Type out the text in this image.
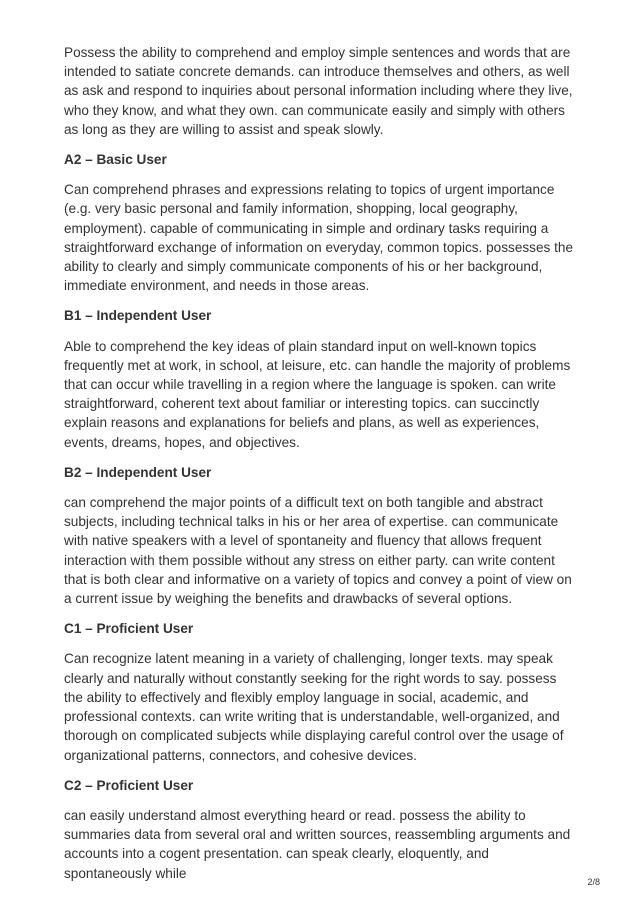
Possess the ability to comprehend and employ simple sentences and words that are intended to satiate concrete demands. can introduce themselves and others, as well as ask and respond to inquiries about personal information including where they live, who they know, and what they own. can communicate easily and simply with others as long as they are willing to assist and speak slowly.

A2 – Basic User

Can comprehend phrases and expressions relating to topics of urgent importance (e.g. very basic personal and family information, shopping, local geography, employment). capable of communicating in simple and ordinary tasks requiring a straightforward exchange of information on everyday, common topics. possesses the ability to clearly and simply communicate components of his or her background, immediate environment, and needs in those areas.

B1 – Independent User

Able to comprehend the key ideas of plain standard input on well-known topics frequently met at work, in school, at leisure, etc. can handle the majority of problems that can occur while travelling in a region where the language is spoken. can write straightforward, coherent text about familiar or interesting topics. can succinctly explain reasons and explanations for beliefs and plans, as well as experiences, events, dreams, hopes, and objectives.

B2 – Independent User

can comprehend the major points of a difficult text on both tangible and abstract subjects, including technical talks in his or her area of expertise. can communicate with native speakers with a level of spontaneity and fluency that allows frequent interaction with them possible without any stress on either party. can write content that is both clear and informative on a variety of topics and convey a point of view on a current issue by weighing the benefits and drawbacks of several options.

C1 – Proficient User

Can recognize latent meaning in a variety of challenging, longer texts. may speak clearly and naturally without constantly seeking for the right words to say. possess the ability to effectively and flexibly employ language in social, academic, and professional contexts. can write writing that is understandable, well-organized, and thorough on complicated subjects while displaying careful control over the usage of organizational patterns, connectors, and cohesive devices.

C2 – Proficient User

can easily understand almost everything heard or read. possess the ability to summaries data from several oral and written sources, reassembling arguments and accounts into a cogent presentation. can speak clearly, eloquently, and spontaneously while

2/8
